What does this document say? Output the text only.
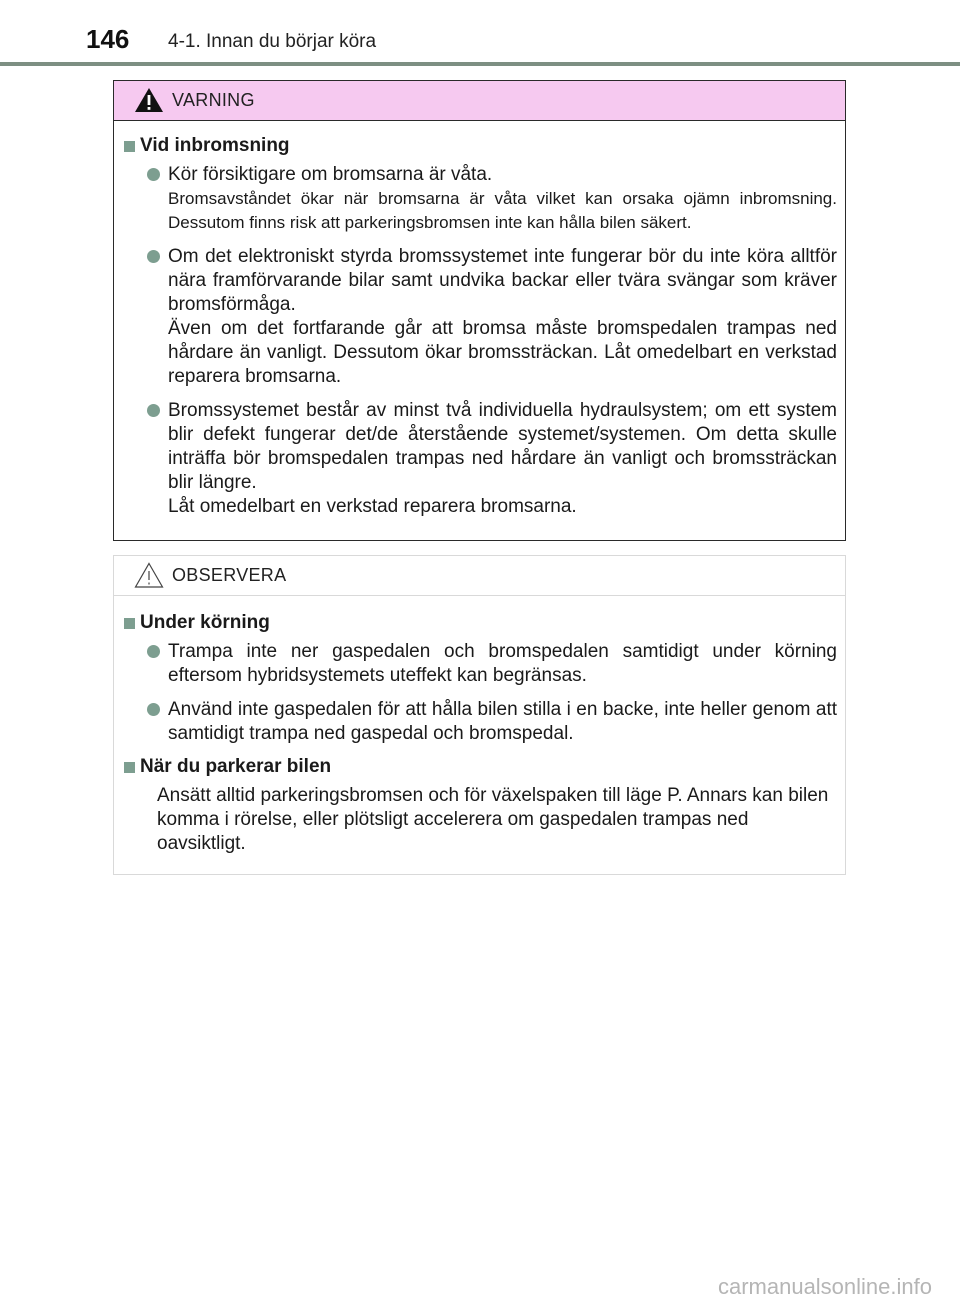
146 4-1. Innan du börjar köra
VARNING
Vid inbromsning

Kör försiktigare om bromsarna är våta.

Bromsavståndet ökar när bromsarna är våta vilket kan orsaka ojämn inbromsning. Dessutom finns risk att parkeringsbromsen inte kan hålla bilen säkert.

Om det elektroniskt styrda bromssystemet inte fungerar bör du inte köra alltför nära framförvarande bilar samt undvika backar eller tvära svängar som kräver bromsförmåga.

Även om det fortfarande går att bromsa måste bromspedalen trampas ned hårdare än vanligt. Dessutom ökar bromssträckan. Låt omedelbart en verkstad reparera bromsarna.

Bromssystemet består av minst två individuella hydraulsystem; om ett system blir defekt fungerar det/de återstående systemet/systemen. Om detta skulle inträffa bör bromspedalen trampas ned hårdare än vanligt och bromssträckan blir längre.

Låt omedelbart en verkstad reparera bromsarna.

OBSERVERA
Under körning

Trampa inte ner gaspedalen och bromspedalen samtidigt under körning eftersom hybridsystemets uteffekt kan begränsas.

Använd inte gaspedalen för att hålla bilen stilla i en backe, inte heller genom att samtidigt trampa ned gaspedal och bromspedal.

När du parkerar bilen
Ansätt alltid parkeringsbromsen och för växelspaken till läge P. Annars kan bilen komma i rörelse, eller plötsligt accelerera om gaspedalen trampas ned oavsiktligt.
carmanualsonline.info
